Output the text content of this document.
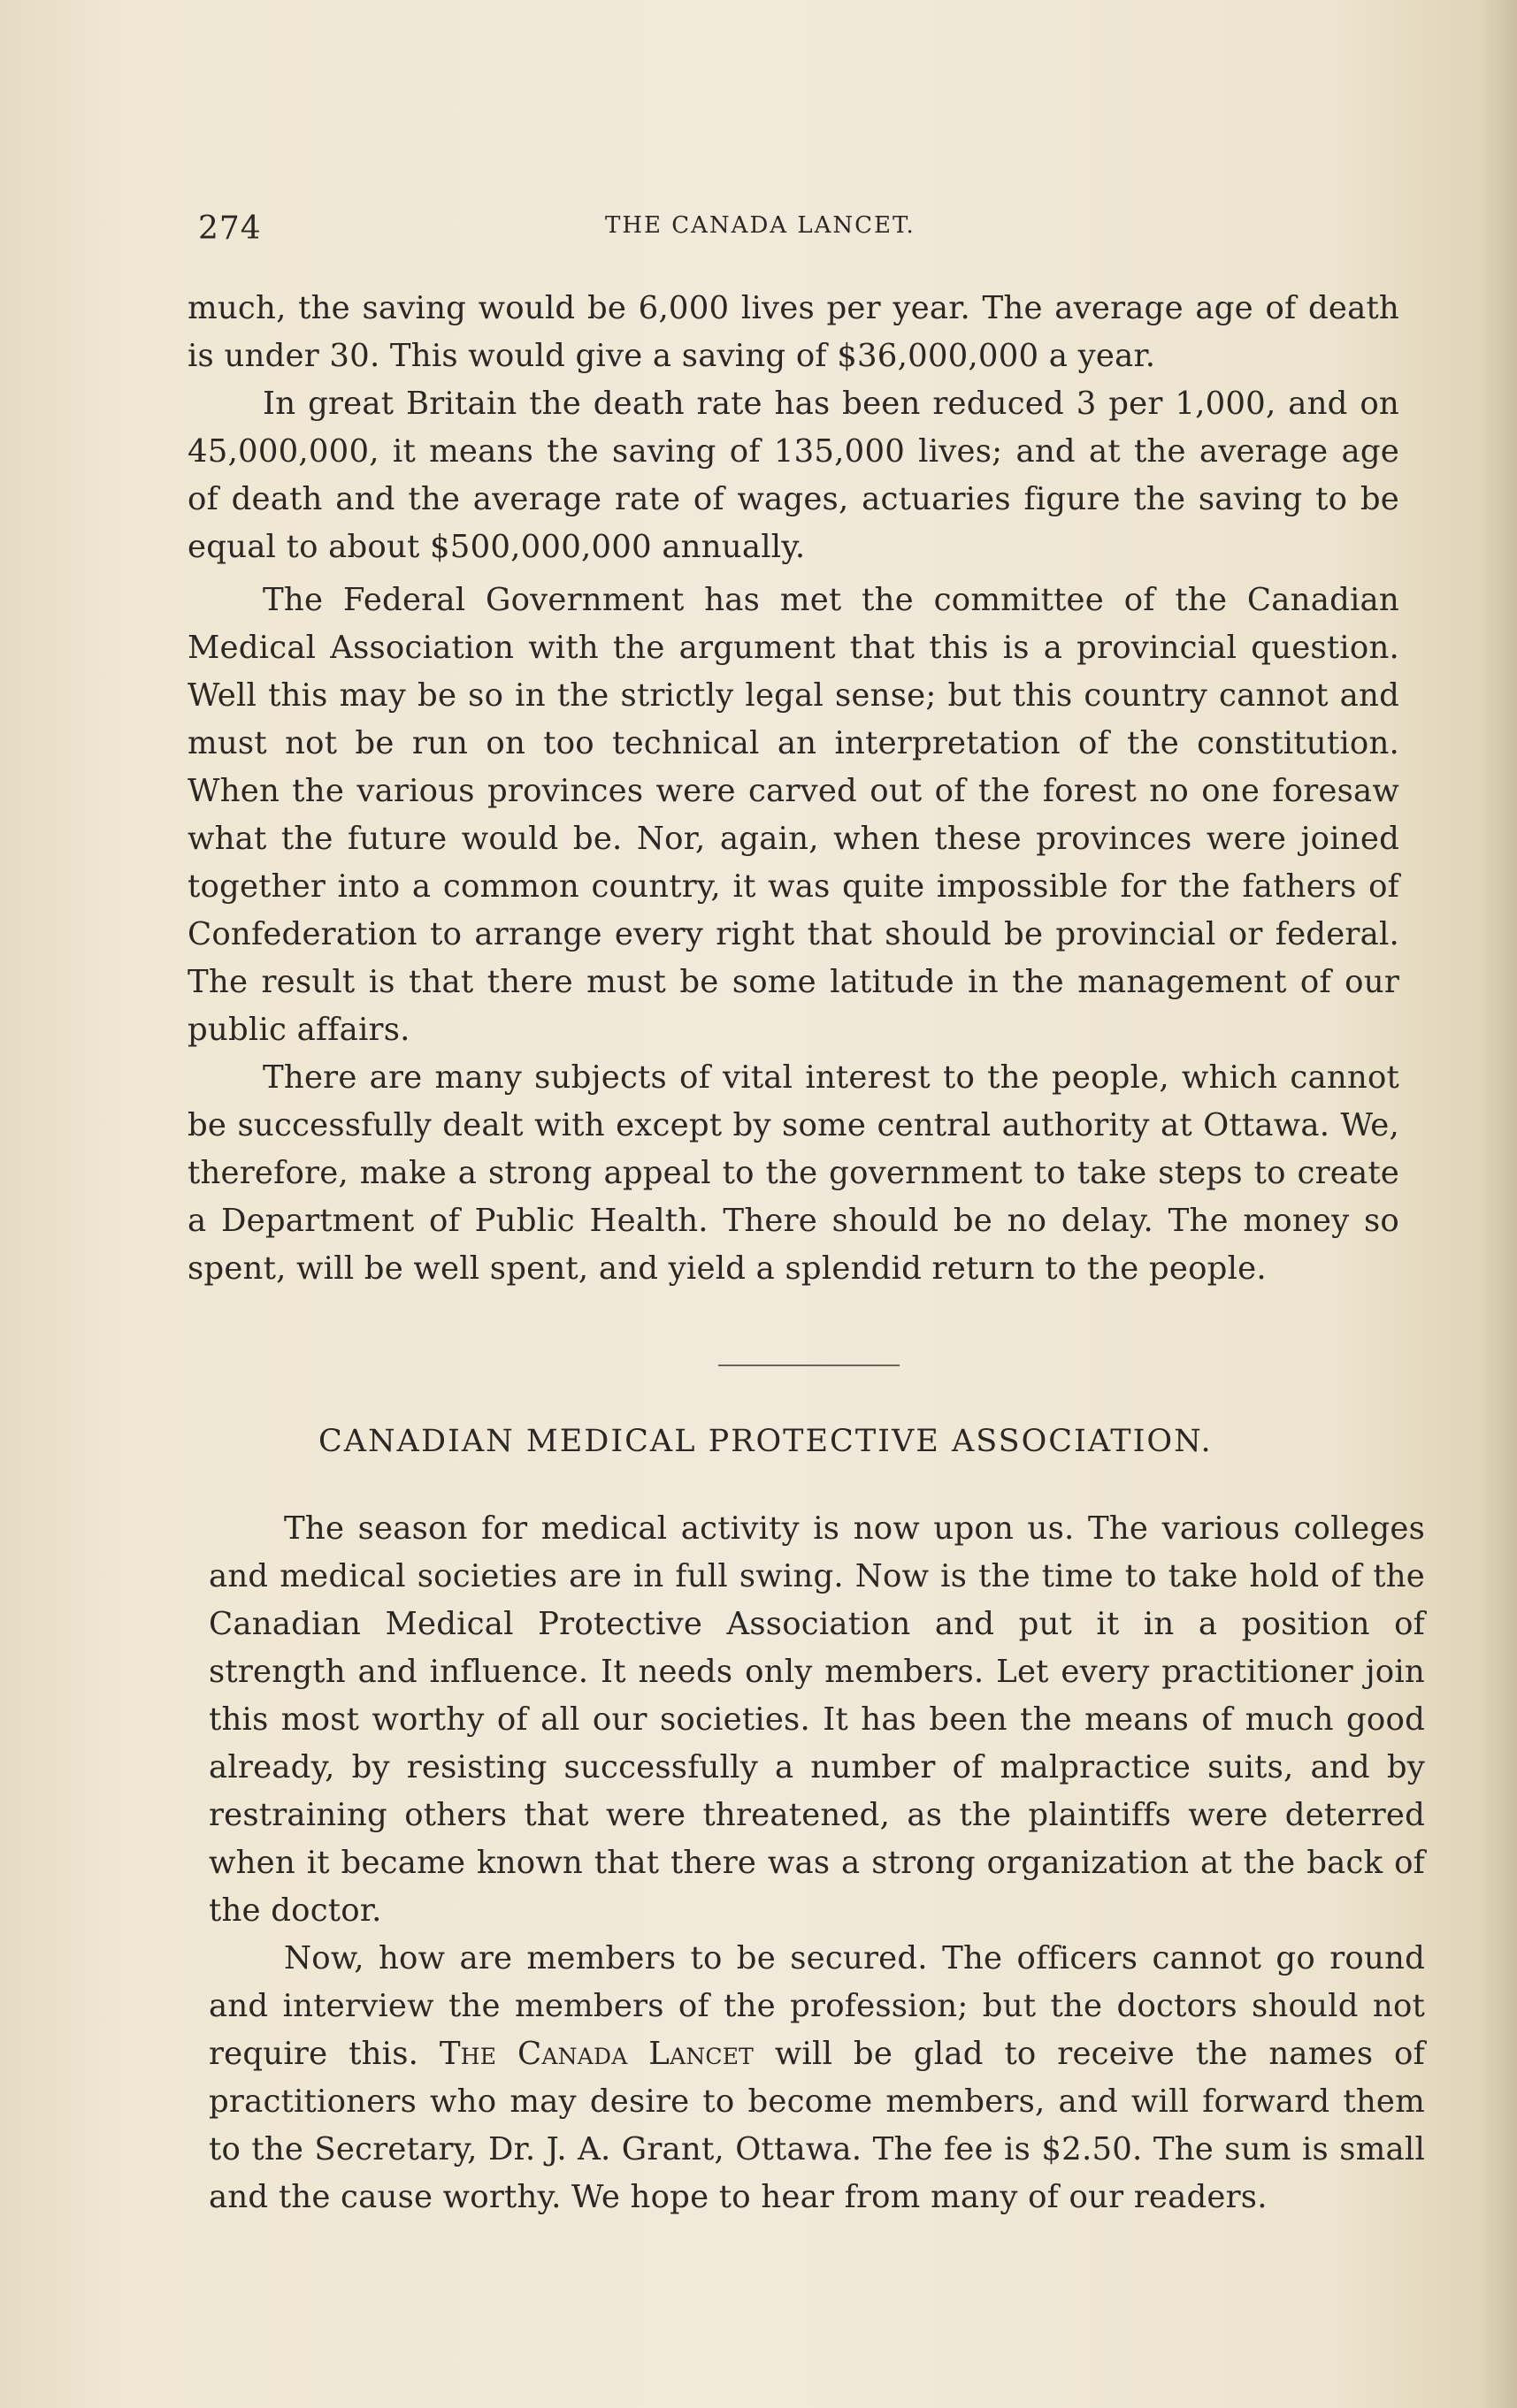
274	THE CANADA LANCET.

much, the saving would be 6,000 lives per year. The average age of death is under 30. This would give a saving of $36,000,000 a year.

In great Britain the death rate has been reduced 3 per 1,000, and on 45,000,000, it means the saving of 135,000 lives; and at the average age of death and the average rate of wages, actuaries figure the saving to be equal to about $500,000,000 annually.

The Federal Government has met the committee of the Canadian Medical Association with the argument that this is a provincial question. Well this may be so in the strictly legal sense; but this country cannot and must not be run on too technical an interpretation of the constitution. When the various provinces were carved out of the forest no one foresaw what the future would be. Nor, again, when these provinces were joined together into a common country, it was quite impossible for the fathers of Confederation to arrange every right that should be provincial or federal. The result is that there must be some latitude in the management of our public affairs.

There are many subjects of vital interest to the people, which cannot be successfully dealt with except by some central authority at Ottawa. We, therefore, make a strong appeal to the government to take steps to create a Department of Public Health. There should be no delay. The money so spent, will be well spent, and yield a splendid return to the people.

CANADIAN MEDICAL PROTECTIVE ASSOCIATION.

The season for medical activity is now upon us. The various colleges and medical societies are in full swing. Now is the time to take hold of the Canadian Medical Protective Association and put it in a position of strength and influence. It needs only members. Let every practitioner join this most worthy of all our societies. It has been the means of much good already, by resisting successfully a number of malpractice suits, and by restraining others that were threatened, as the plaintiffs were deterred when it became known that there was a strong organization at the back of the doctor.

Now, how are members to be secured. The officers cannot go round and interview the members of the profession; but the doctors should not require this. The Canada Lancet will be glad to receive the names of practitioners who may desire to become members, and will forward them to the Secretary, Dr. J. A. Grant, Ottawa. The fee is $2.50. The sum is small and the cause worthy. We hope to hear from many of our readers.
